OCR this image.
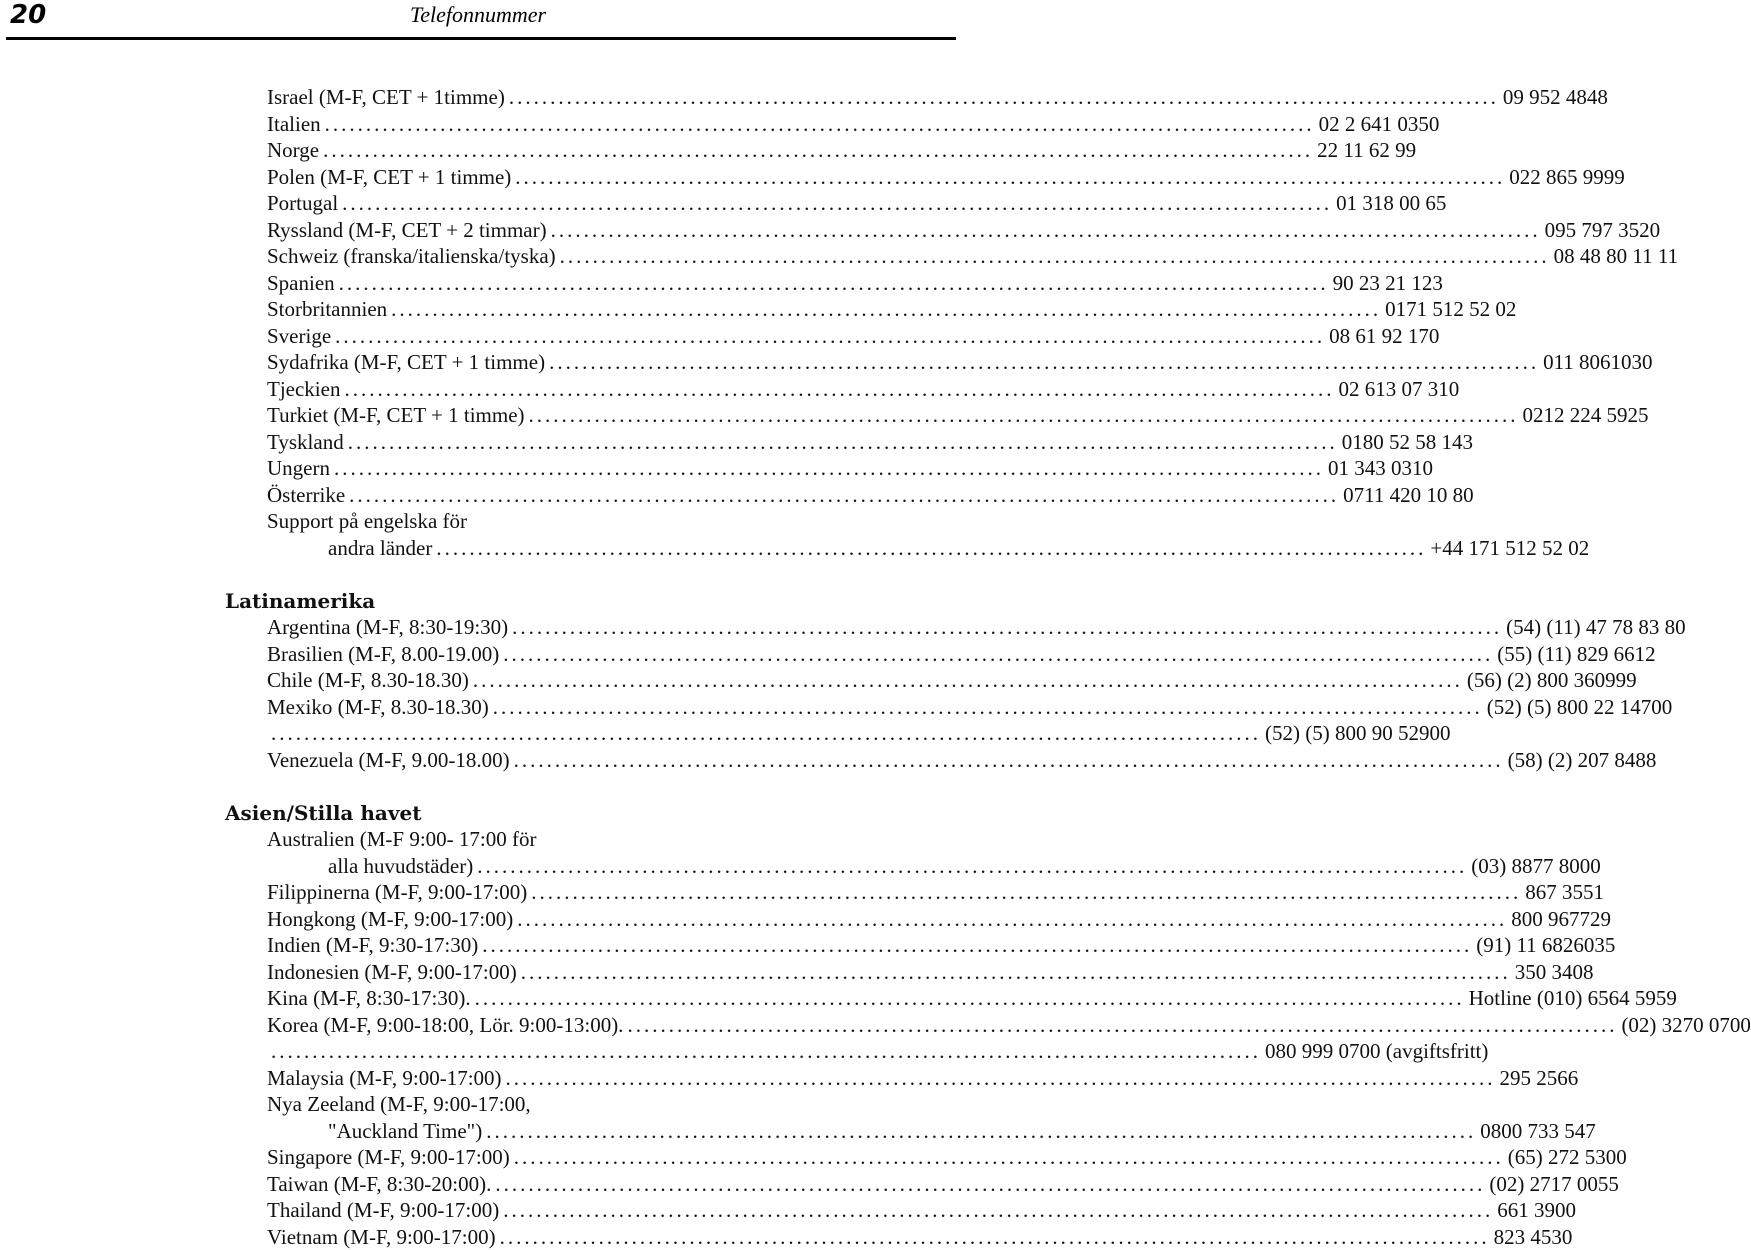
20	Telefonnummer
Israel (M-F, CET + 1timme) ........................................................................................................................ 09 952 4848
Italien ........................................................................................................................ 02 2 641 0350
Norge ........................................................................................................................ 22 11 62 99
Polen (M-F, CET + 1 timme) ........................................................................................................................ 022 865 9999
Portugal ........................................................................................................................ 01 318 00 65
Ryssland (M-F, CET + 2 timmar) ........................................................................................................................ 095 797 3520
Schweiz (franska/italienska/tyska) ........................................................................................................................ 08 48 80 11 11
Spanien ........................................................................................................................ 90 23 21 123
Storbritannien ........................................................................................................................ 0171 512 52 02
Sverige ........................................................................................................................ 08 61 92 170
Sydafrika (M-F, CET + 1 timme) ........................................................................................................................ 011 8061030
Tjeckien ........................................................................................................................ 02 613 07 310
Turkiet (M-F, CET + 1 timme) ........................................................................................................................ 0212 224 5925
Tyskland ........................................................................................................................ 0180 52 58 143
Ungern ........................................................................................................................ 01 343 0310
Österrike ........................................................................................................................ 0711 420 10 80
Support på engelska för
andra länder ........................................................................................................................ +44 171 512 52 02
Latinamerika
Argentina (M-F, 8:30-19:30) ........................................................................................................................ (54) (11) 47 78 83 80
Brasilien (M-F, 8.00-19.00) ........................................................................................................................ (55) (11) 829 6612
Chile (M-F, 8.30-18.30) ........................................................................................................................ (56) (2) 800 360999
Mexiko (M-F, 8.30-18.30) ........................................................................................................................ (52) (5) 800 22 14700
........................................................................................................................ (52) (5) 800 90 52900
Venezuela (M-F, 9.00-18.00) ........................................................................................................................ (58) (2) 207 8488
Asien/Stilla havet
Australien (M-F 9:00- 17:00 för
alla huvudstäder) ........................................................................................................................ (03) 8877 8000
Filippinerna (M-F, 9:00-17:00) ........................................................................................................................ 867 3551
Hongkong (M-F, 9:00-17:00) ........................................................................................................................ 800 967729
Indien (M-F, 9:30-17:30) ........................................................................................................................ (91) 11 6826035
Indonesien (M-F, 9:00-17:00) ........................................................................................................................ 350 3408
Kina (M-F, 8:30-17:30). ........................................................................................................................ Hotline (010) 6564 5959
Korea (M-F, 9:00-18:00, Lör. 9:00-13:00). ........................................................................................................................ (02) 3270 0700
........................................................................................................................ 080 999 0700 (avgiftsfritt)
Malaysia (M-F, 9:00-17:00) ........................................................................................................................ 295 2566
Nya Zeeland (M-F, 9:00-17:00,
"Auckland Time") ........................................................................................................................ 0800 733 547
Singapore (M-F, 9:00-17:00) ........................................................................................................................ (65) 272 5300
Taiwan (M-F, 8:30-20:00). ........................................................................................................................ (02) 2717 0055
Thailand (M-F, 9:00-17:00) ........................................................................................................................ 661 3900
Vietnam (M-F, 9:00-17:00) ........................................................................................................................ 823 4530
